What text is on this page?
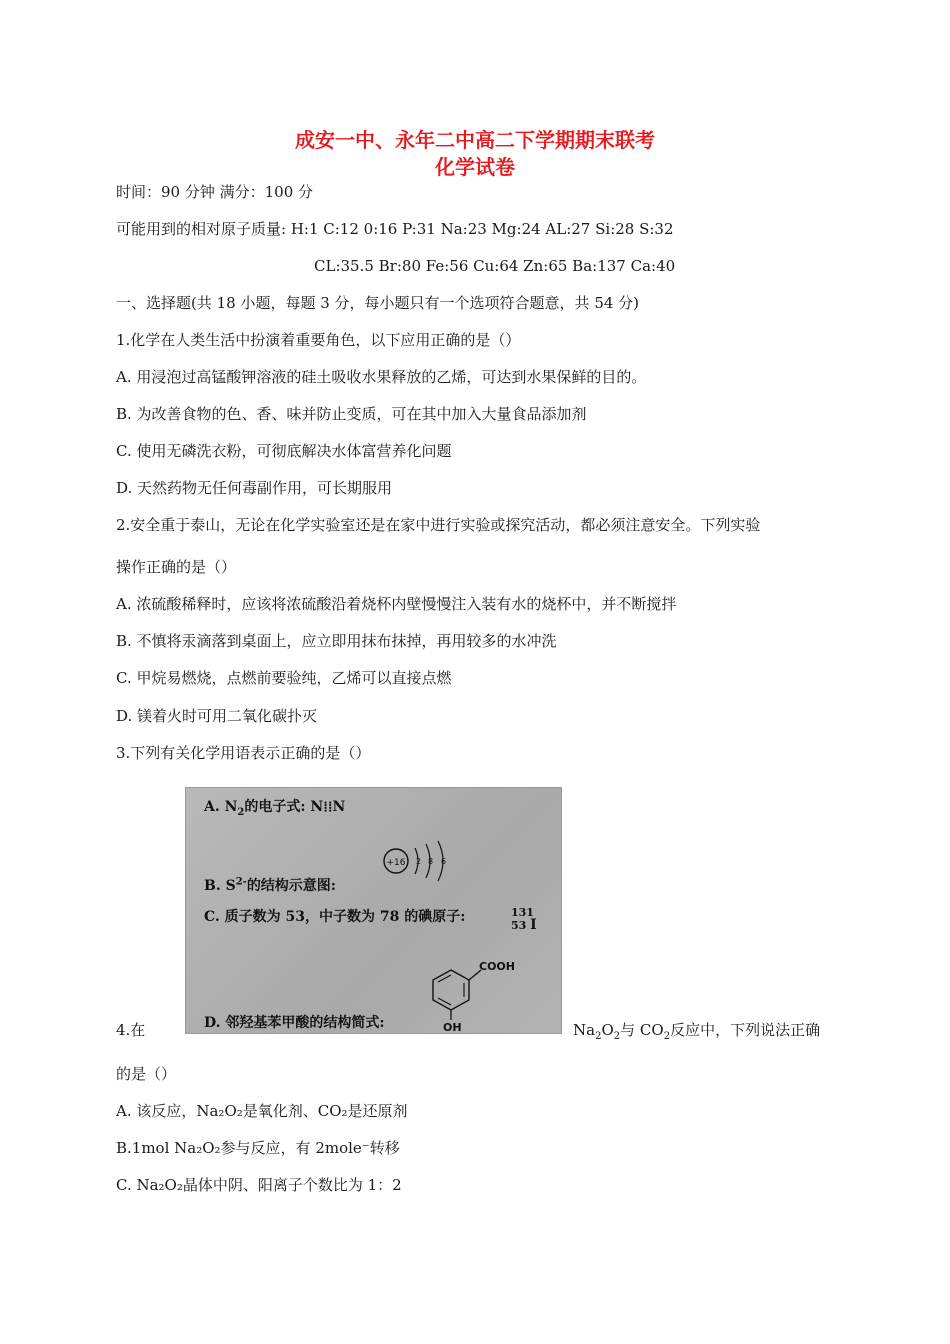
成安一中、永年二中高二下学期期末联考
化学试卷
时间：90 分钟 满分：100 分
可能用到的相对原子质量: H:1 C:12 0:16 P:31 Na:23 Mg:24 AL:27 Si:28 S:32
CL:35.5 Br:80 Fe:56 Cu:64 Zn:65 Ba:137 Ca:40
一、选择题(共 18 小题，每题 3 分，每小题只有一个选项符合题意，共 54 分)
1.化学在人类生活中扮演着重要角色，以下应用正确的是（）
A. 用浸泡过高锰酸钾溶液的硅土吸收水果释放的乙烯，可达到水果保鲜的目的。
B. 为改善食物的色、香、味并防止变质，可在其中加入大量食品添加剂
C. 使用无磷洗衣粉，可彻底解决水体富营养化问题
D. 天然药物无任何毒副作用，可长期服用
2.安全重于泰山，无论在化学实验室还是在家中进行实验或探究活动，都必须注意安全。下列实验
操作正确的是（）
A. 浓硫酸稀释时，应该将浓硫酸沿着烧杯内壁慢慢注入装有水的烧杯中，并不断搅拌
B. 不慎将汞滴落到桌面上，应立即用抹布抹掉，再用较多的水冲洗
C. 甲烷易燃烧，点燃前要验纯，乙烯可以直接点燃
D. 镁着火时可用二氧化碳扑灭
3.下列有关化学用语表示正确的是（）
A. $N_2$的电子式: N⁞⁞N
+16 2 8 6
B. $S^{2-}$的结构示意图:
C. 质子数为 53，中子数为 78 的碘原子:	131
53 I
COOH
OH
D. 邻羟基苯甲酸的结构简式:
4.在	$Na_2O_2$与 $CO_2$反应中，下列说法正确
的是（）
A. 该反应，Na₂O₂是氧化剂、CO₂是还原剂
B.1mol Na₂O₂参与反应，有 2mole⁻转移
C. Na₂O₂晶体中阴、阳离子个数比为 1：2
